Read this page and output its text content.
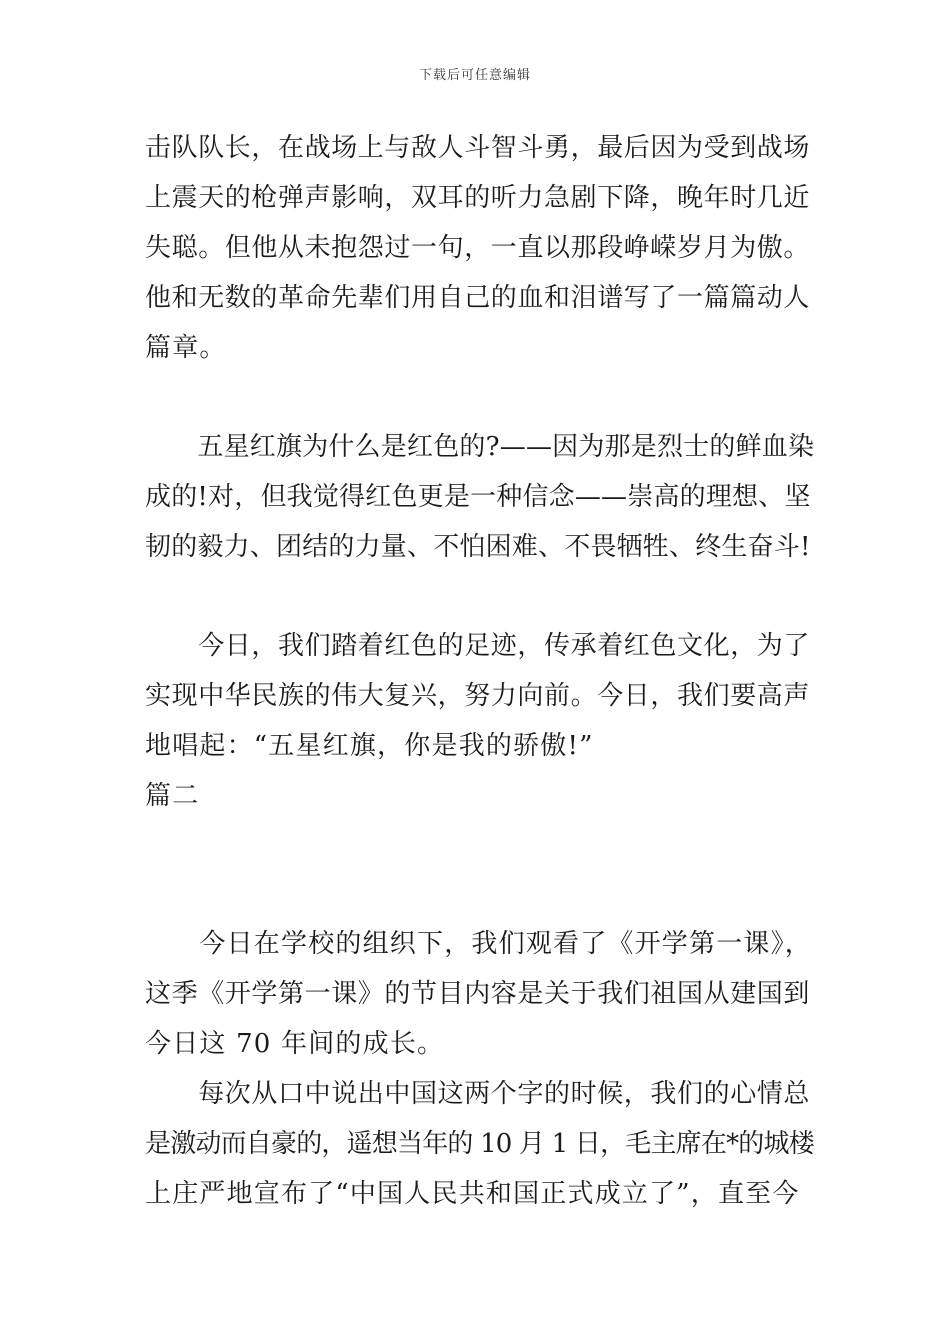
下载后可任意编辑
击队队长，在战场上与敌人斗智斗勇，最后因为受到战场
上震天的枪弹声影响，双耳的听力急剧下降，晚年时几近
失聪。但他从未抱怨过一句，一直以那段峥嵘岁月为傲。
他和无数的革命先辈们用自己的血和泪谱写了一篇篇动人
篇章。
　　五星红旗为什么是红色的?——因为那是烈士的鲜血染
成的!对，但我觉得红色更是一种信念——崇高的理想、坚
韧的毅力、团结的力量、不怕困难、不畏牺牲、终生奋斗!
　　今日，我们踏着红色的足迹，传承着红色文化，为了
实现中华民族的伟大复兴，努力向前。今日，我们要高声
地唱起：“五星红旗，你是我的骄傲!”
篇二
　　今日在学校的组织下，我们观看了《开学第一课》，
这季《开学第一课》的节目内容是关于我们祖国从建国到
今日这 70 年间的成长。
　　每次从口中说出中国这两个字的时候，我们的心情总
是激动而自豪的，遥想当年的 10 月 1 日，毛主席在*的城楼
上庄严地宣布了“中国人民共和国正式成立了”，直至今
